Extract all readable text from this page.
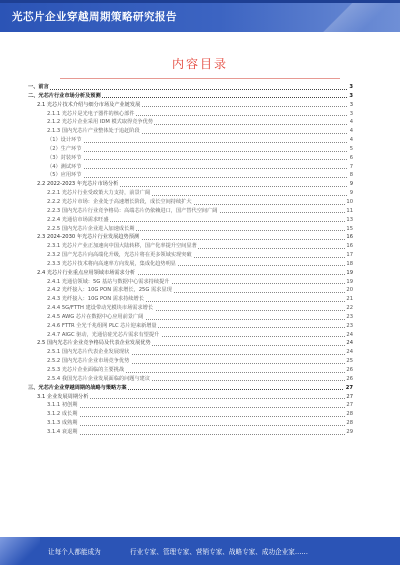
光芯片企业穿越周期策略研究报告
内容目录
一、前言	3
二、光芯片行业市场分析及预测	3
2.1 光芯片技术介绍与细分市场及产业链发展	3
2.1.1 光芯片是光电子器件的核心部件	3
2.1.2 光芯片企业采用 IDM 模式取得竞争优势	4
2.1.3 国内光芯片产业整体处于追赶阶段	4
（1）设计环节	4
（2）生产环节	5
（3）封装环节	6
（4）测试环节	7
（5）应用环节	8
2.2 2022-2023 年光芯片市场分析	9
2.2.1 光芯片行业受政策大力支持，前景广阔	9
2.2.2 光芯片市场：企业处于高速增长阶段，成长空间持续扩大	10
2.2.3 国内光芯片行业竞争格局：高端芯片仍依赖进口，国产替代空间广阔	11
2.2.4 光通信市场需求旺盛	13
2.2.5 国内光芯片企业进入加速成长期	15
2.3 2024-2030 年光芯片行业发展趋势预测	16
2.3.1 光芯片产业正加速向中国大陆转移，国产化率提升空间显著	16
2.3.2 国产光芯片向高端化升级，光芯片将在更多领域实现突破	17
2.3.3 光芯片技术将向高速率方向发展，集成化趋势明显	18
2.4 光芯片行业重点应用领域市场需求分析	19
2.4.1 光通信领域：5G 基站与数据中心需求持续提升	19
2.4.2 光纤接入：10G PON 需求增长，25G 需求显现	20
2.4.3 光纤接入：10G PON 需求持续增长	21
2.4.4 5G/FTTH 建设带动光模块市场需求增长	22
2.4.5 AWG 芯片在数据中心应用前景广阔	23
2.4.6 FTTR 全光千兆组网 PLC 芯片迎来新增量	23
2.4.7 AIGC 驱动，光通信硅光芯片需求有望提升	24
2.5 国内光芯片企业竞争格局及代表企业发展优势	24
2.5.1 国内光芯片代表企业发展现状	24
2.5.2 国内光芯片企业市场竞争优势	25
2.5.3 光芯片企业面临的主要挑战	26
2.5.4 我国光芯片企业发展面临的问题与建议	26
三、光芯片企业穿越周期的战略与策略方案	27
3.1 企业发展周期分析	27
3.1.1 初创期	27
3.1.2 成长期	28
3.1.3 成熟期	28
3.1.4 衰退期	29
让每个人都能成为	行业专家、管理专家、营销专家、战略专家、成功企业家……
